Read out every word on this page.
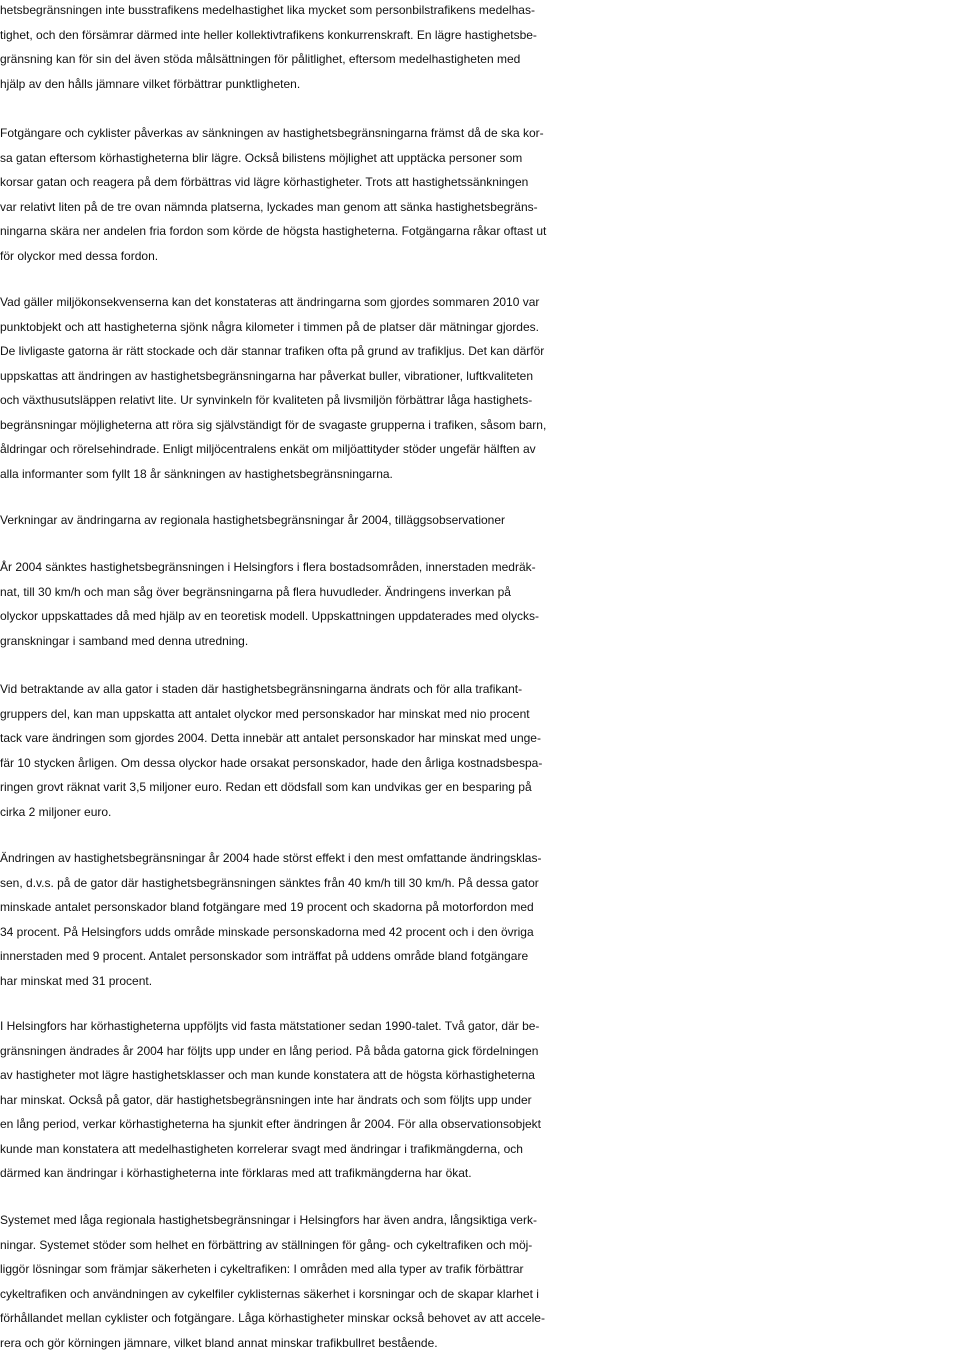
hetsbegränsningen inte busstrafikens medelhastighet lika mycket som personbilstrafikens medelhas-
tighet, och den försämrar därmed inte heller kollektivtrafikens konkurrenskraft. En lägre hastighetsbe-
gränsning kan för sin del även stöda målsättningen för pålitlighet, eftersom medelhastigheten med
hjälp av den hålls jämnare vilket förbättrar punktligheten.
Fotgängare och cyklister påverkas av sänkningen av hastighetsbegränsningarna främst då de ska kor-
sa gatan eftersom körhastigheterna blir lägre. Också bilistens möjlighet att upptäcka personer som
korsar gatan och reagera på dem förbättras vid lägre körhastigheter. Trots att hastighetssänkningen
var relativt liten på de tre ovan nämnda platserna, lyckades man genom att sänka hastighetsbegräns-
ningarna skära ner andelen fria fordon som körde de högsta hastigheterna. Fotgängarna råkar oftast ut
för olyckor med dessa fordon.
Vad gäller miljökonsekvenserna kan det konstateras att ändringarna som gjordes sommaren 2010 var
punktobjekt och att hastigheterna sjönk några kilometer i timmen på de platser där mätningar gjordes.
De livligaste gatorna är rätt stockade och där stannar trafiken ofta på grund av trafikljus. Det kan därför
uppskattas att ändringen av hastighetsbegränsningarna har påverkat buller, vibrationer, luftkvaliteten
och växthusutsläppen relativt lite. Ur synvinkeln för kvaliteten på livsmiljön förbättrar låga hastighets-
begränsningar möjligheterna att röra sig självständigt för de svagaste grupperna i trafiken, såsom barn,
åldringar och rörelsehindrade. Enligt miljöcentralens enkät om miljöattityder stöder ungefär hälften av
alla informanter som fyllt 18 år sänkningen av hastighetsbegränsningarna.
Verkningar av ändringarna av regionala hastighetsbegränsningar år 2004, tilläggsobservationer
År 2004 sänktes hastighetsbegränsningen i Helsingfors i flera bostadsområden, innerstaden medräk-
nat, till 30 km/h och man såg över begränsningarna på flera huvudleder. Ändringens inverkan på
olyckor uppskattades då med hjälp av en teoretisk modell. Uppskattningen uppdaterades med olycks-
granskningar i samband med denna utredning.
Vid betraktande av alla gator i staden där hastighetsbegränsningarna ändrats och för alla trafikant-
gruppers del, kan man uppskatta att antalet olyckor med personskador har minskat med nio procent
tack vare ändringen som gjordes 2004. Detta innebär att antalet personskador har minskat med unge-
fär 10 stycken årligen. Om dessa olyckor hade orsakat personskador, hade den årliga kostnadsbespa-
ringen grovt räknat varit 3,5 miljoner euro. Redan ett dödsfall som kan undvikas ger en besparing på
cirka 2 miljoner euro.
Ändringen av hastighetsbegränsningar år 2004 hade störst effekt i den mest omfattande ändringsklas-
sen, d.v.s. på de gator där hastighetsbegränsningen sänktes från 40 km/h till 30 km/h. På dessa gator
minskade antalet personskador bland fotgängare med 19 procent och skadorna på motorfordon med
34 procent. På Helsingfors udds område minskade personskadorna med 42 procent och i den övriga
innerstaden med 9 procent. Antalet personskador som inträffat på uddens område bland fotgängare
har minskat med 31 procent.
I Helsingfors har körhastigheterna uppföljts vid fasta mätstationer sedan 1990-talet. Två gator, där be-
gränsningen ändrades år 2004 har följts upp under en lång period. På båda gatorna gick fördelningen
av hastigheter mot lägre hastighetsklasser och man kunde konstatera att de högsta körhastigheterna
har minskat. Också på gator, där hastighetsbegränsningen inte har ändrats och som följts upp under
en lång period, verkar körhastigheterna ha sjunkit efter ändringen år 2004. För alla observationsobjekt
kunde man konstatera att medelhastigheten korrelerar svagt med ändringar i trafikmängderna, och
därmed kan ändringar i körhastigheterna inte förklaras med att trafikmängderna har ökat.
Systemet med låga regionala hastighetsbegränsningar i Helsingfors har även andra, långsiktiga verk-
ningar. Systemet stöder som helhet en förbättring av ställningen för gång- och cykeltrafiken och möj-
liggör lösningar som främjar säkerheten i cykeltrafiken: I områden med alla typer av trafik förbättrar
cykeltrafiken och användningen av cykelfiler cyklisternas säkerhet i korsningar och de skapar klarhet i
förhållandet mellan cyklister och fotgängare. Låga körhastigheter minskar också behovet av att accele-
rera och gör körningen jämnare, vilket bland annat minskar trafikbullret bestående.
